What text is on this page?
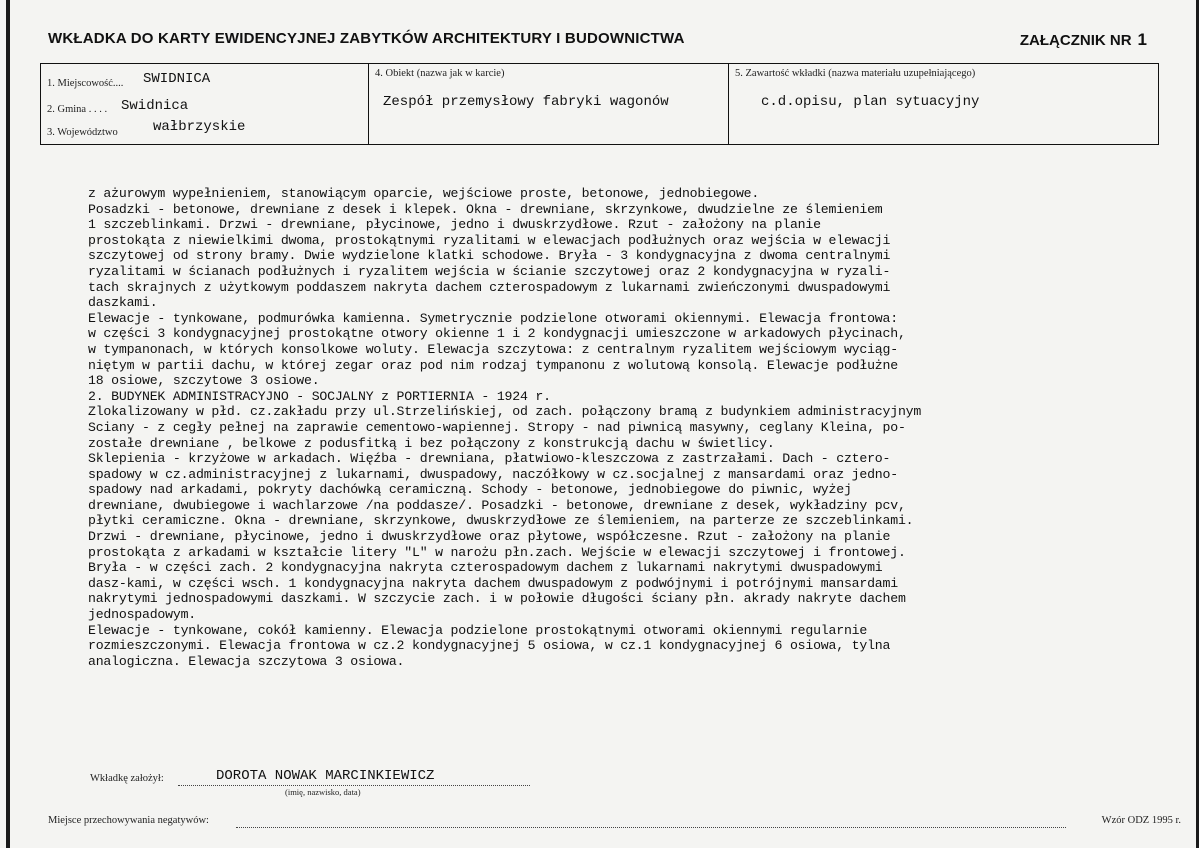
WKŁADKA DO KARTY EWIDENCYJNEJ ZABYTKÓW ARCHITEKTURY I BUDOWNICTWA	ZAŁĄCZNIK NR 1
1. Miejscowość.... SWIDNICA
2. Gmina . . . . Swidnica
3. Województwo	wałbrzyskie
4. Obiekt (nazwa jak w karcie)
Zespół przemysłowy fabryki wagonów
5. Zawartość wkładki (nazwa materiału uzupełniającego)
c.d.opisu, plan sytuacyjny
z ażurowym wypełnieniem, stanowiącym oparcie, wejściowe proste, betonowe, jednobiegowe.
Posadzki - betonowe, drewniane z desek i klepek. Okna - drewniane, skrzynkowe, dwudzielne ze ślemieniem
1 szczeblinkami. Drzwi - drewniane, płycinowe, jedno i dwuskrzydłowe. Rzut - założony na planie
prostokąta z niewielkimi dwoma, prostokątnymi ryzalitami w elewacjach podłużnych oraz wejścia w elewacji
szczytowej od strony bramy. Dwie wydzielone klatki schodowe. Bryła - 3 kondygnacyjna z dwoma centralnymi
ryzalitami w ścianach podłużnych i ryzalitem wejścia w ścianie szczytowej oraz 2 kondygnacyjna w ryzali-
tach skrajnych z użytkowym poddaszem nakryta dachem czterospadowym z lukarnami zwieńczonymi dwuspadowymi
daszkami.
Elewacje - tynkowane, podmurówka kamienna. Symetrycznie podzielone otworami okiennymi. Elewacja frontowa:
w części 3 kondygnacyjnej prostokątne otwory okienne 1 i 2 kondygnacji umieszczone w arkadowych płycinach,
w tympanonach, w których konsolkowe woluty. Elewacja szczytowa: z centralnym ryzalitem wejściowym wyciąg-
niętym w partii dachu, w której zegar oraz pod nim rodzaj tympanonu z wolutową konsolą. Elewacje podłużne
18 osiowe, szczytowe 3 osiowe.
2. BUDYNEK ADMINISTRACYJNO - SOCJALNY z PORTIERNIA - 1924 r.
Zlokalizowany w płd. cz.zakładu przy ul.Strzelińskiej, od zach. połączony bramą z budynkiem administracyjnym
Sciany - z cegły pełnej na zaprawie cementowo-wapiennej. Stropy - nad piwnicą masywny, ceglany Kleina, po-
zostałe drewniane , belkowe z podusfitką i bez połączony z konstrukcją dachu w świetlicy.
Sklepienia - krzyżowe w arkadach. Więźba - drewniana, płatwiowo-kleszczowa z zastrzałami. Dach - cztero-
spadowy w cz.administracyjnej z lukarnami, dwuspadowy, naczółkowy w cz.socjalnej z mansardami oraz jedno-
spadowy nad arkadami, pokryty dachówką ceramiczną. Schody - betonowe, jednobiegowe do piwnic, wyżej
drewniane, dwubiegowe i wachlarzowe /na poddasze/. Posadzki - betonowe, drewniane z desek, wykładziny pcv,
płytki ceramiczne. Okna - drewniane, skrzynkowe, dwuskrzydłowe ze ślemieniem, na parterze ze szczeblinkami.
Drzwi - drewniane, płycinowe, jedno i dwuskrzydłowe oraz płytowe, współczesne. Rzut - założony na planie
prostokąta z arkadami w kształcie litery "L" w narożu płn.zach. Wejście w elewacji szczytowej i frontowej.
Bryła - w części zach. 2 kondygnacyjna nakryta czterospadowym dachem z lukarnami nakrytymi dwuspadowymi
dasz-kami, w części wsch. 1 kondygnacyjna nakryta dachem dwuspadowym z podwójnymi i potrójnymi mansardami
nakrytymi jednospadowymi daszkami. W szczycie zach. i w połowie długości ściany płn. akrady nakryte dachem
jednospadowym.
Elewacje - tynkowane, cokół kamienny. Elewacja podzielone prostokątnymi otworami okiennymi regularnie
rozmieszczonymi. Elewacja frontowa w cz.2 kondygnacyjnej 5 osiowa, w cz.1 kondygnacyjnej 6 osiowa, tylna
analogiczna. Elewacja szczytowa 3 osiowa.
Wkładkę założył:	DOROTA NOWAK MARCINKIEWICZ
(imię, nazwisko, data)
Miejsce przechowywania negatywów:	Wzór ODZ 1995 r.
